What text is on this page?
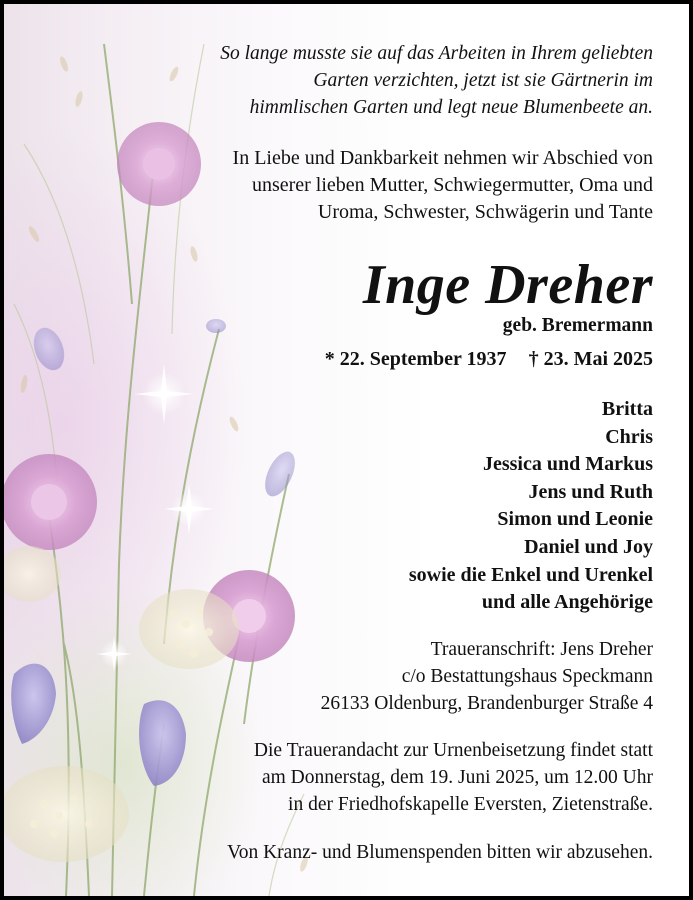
So lange musste sie auf das Arbeiten in Ihrem geliebten
Garten verzichten, jetzt ist sie Gärtnerin im
himmlischen Garten und legt neue Blumenbeete an.
In Liebe und Dankbarkeit nehmen wir Abschied von
unserer lieben Mutter, Schwiegermutter, Oma und
Uroma, Schwester, Schwägerin und Tante
Inge Dreher
geb. Bremermann
* 22. September 1937 † 23. Mai 2025
Britta
Chris
Jessica und Markus
Jens und Ruth
Simon und Leonie
Daniel und Joy
sowie die Enkel und Urenkel
und alle Angehörige
Traueranschrift: Jens Dreher
c/o Bestattungshaus Speckmann
26133 Oldenburg, Brandenburger Straße 4
Die Trauerandacht zur Urnenbeisetzung findet statt
am Donnerstag, dem 19. Juni 2025, um 12.00 Uhr
in der Friedhofskapelle Eversten, Zietenstraße.
Von Kranz- und Blumenspenden bitten wir abzusehen.
